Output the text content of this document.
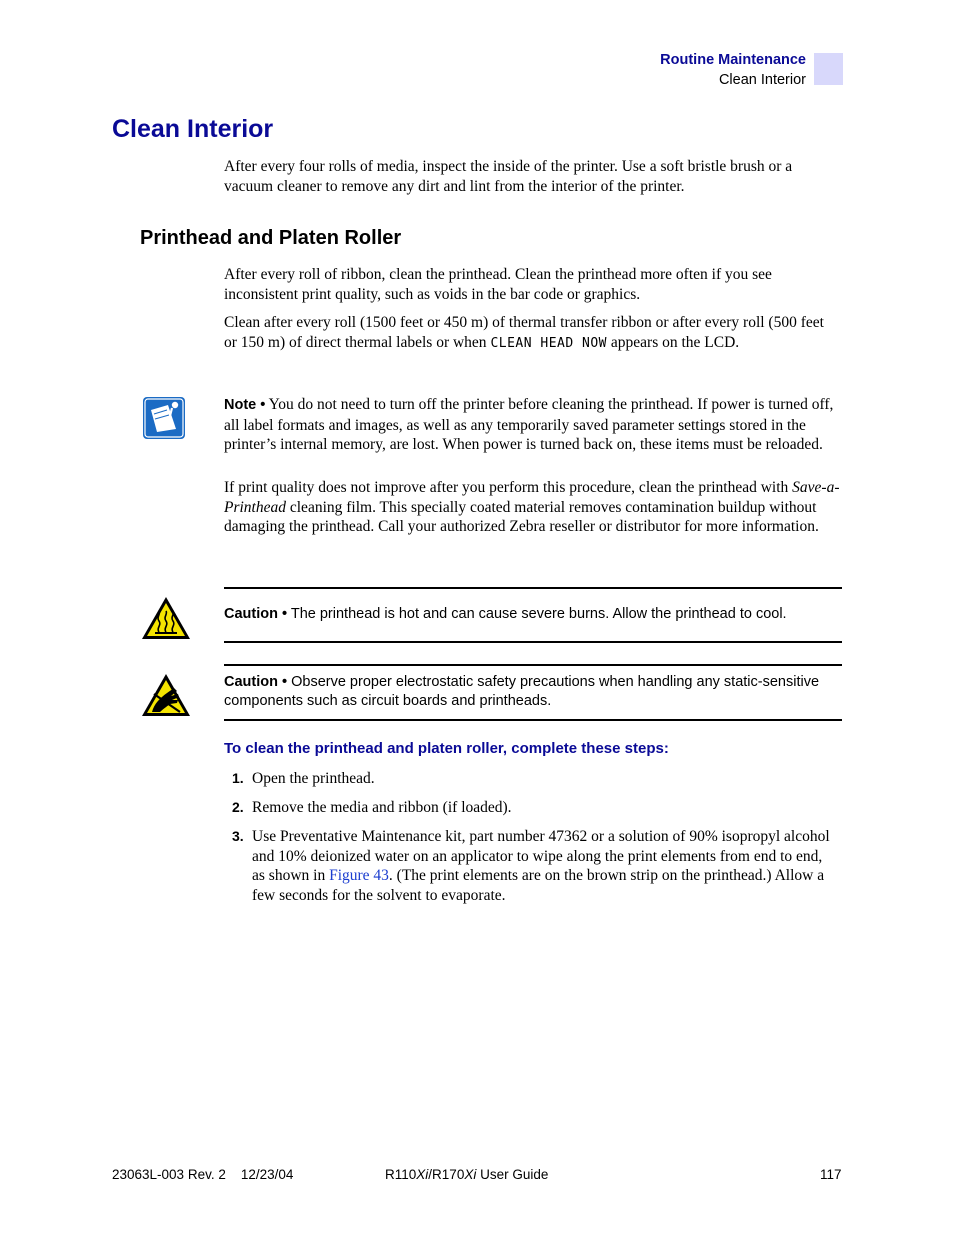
Routine Maintenance
Clean Interior
Clean Interior
After every four rolls of media, inspect the inside of the printer. Use a soft bristle brush or a vacuum cleaner to remove any dirt and lint from the interior of the printer.
Printhead and Platen Roller
After every roll of ribbon, clean the printhead. Clean the printhead more often if you see inconsistent print quality, such as voids in the bar code or graphics.
Clean after every roll (1500 feet or 450 m) of thermal transfer ribbon or after every roll (500 feet or 150 m) of direct thermal labels or when CLEAN HEAD NOW appears on the LCD.
Note • You do not need to turn off the printer before cleaning the printhead. If power is turned off, all label formats and images, as well as any temporarily saved parameter settings stored in the printer’s internal memory, are lost. When power is turned back on, these items must be reloaded.
If print quality does not improve after you perform this procedure, clean the printhead with Save-a-Printhead cleaning film. This specially coated material removes contamination buildup without damaging the printhead. Call your authorized Zebra reseller or distributor for more information.
Caution • The printhead is hot and can cause severe burns. Allow the printhead to cool.
Caution • Observe proper electrostatic safety precautions when handling any static-sensitive components such as circuit boards and printheads.
To clean the printhead and platen roller, complete these steps:
1. Open the printhead.
2. Remove the media and ribbon (if loaded).
3. Use Preventative Maintenance kit, part number 47362 or a solution of 90% isopropyl alcohol and 10% deionized water on an applicator to wipe along the print elements from end to end, as shown in Figure 43. (The print elements are on the brown strip on the printhead.) Allow a few seconds for the solvent to evaporate.
23063L-003 Rev. 2    12/23/04	R110Xi/R170Xi User Guide	117
